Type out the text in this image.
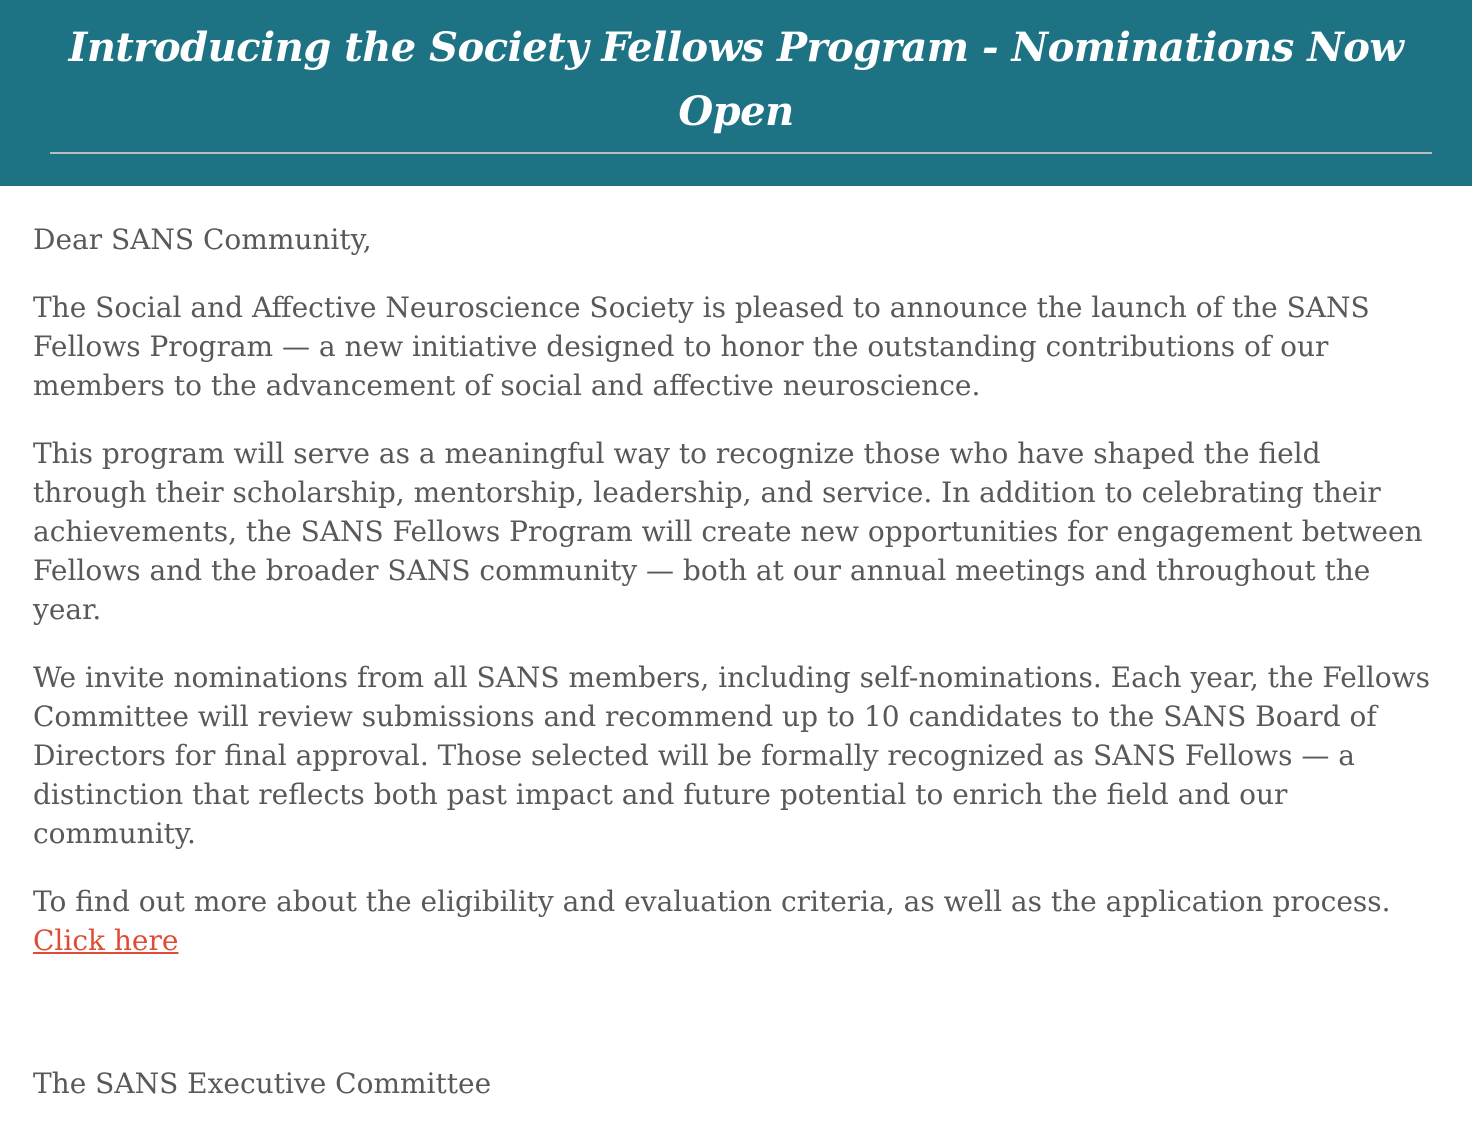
Introducing the Society Fellows Program - Nominations Now
Open

Dear SANS Community,

The Social and Affective Neuroscience Society is pleased to announce the launch of the SANS Fellows Program — a new initiative designed to honor the outstanding contributions of our members to the advancement of social and affective neuroscience.

This program will serve as a meaningful way to recognize those who have shaped the field through their scholarship, mentorship, leadership, and service. In addition to celebrating their achievements, the SANS Fellows Program will create new opportunities for engagement between Fellows and the broader SANS community — both at our annual meetings and throughout the year.

We invite nominations from all SANS members, including self-nominations. Each year, the Fellows Committee will review submissions and recommend up to 10 candidates to the SANS Board of Directors for final approval. Those selected will be formally recognized as SANS Fellows — a distinction that reflects both past impact and future potential to enrich the field and our community.

To find out more about the eligibility and evaluation criteria, as well as the application process.
Click here

The SANS Executive Committee
